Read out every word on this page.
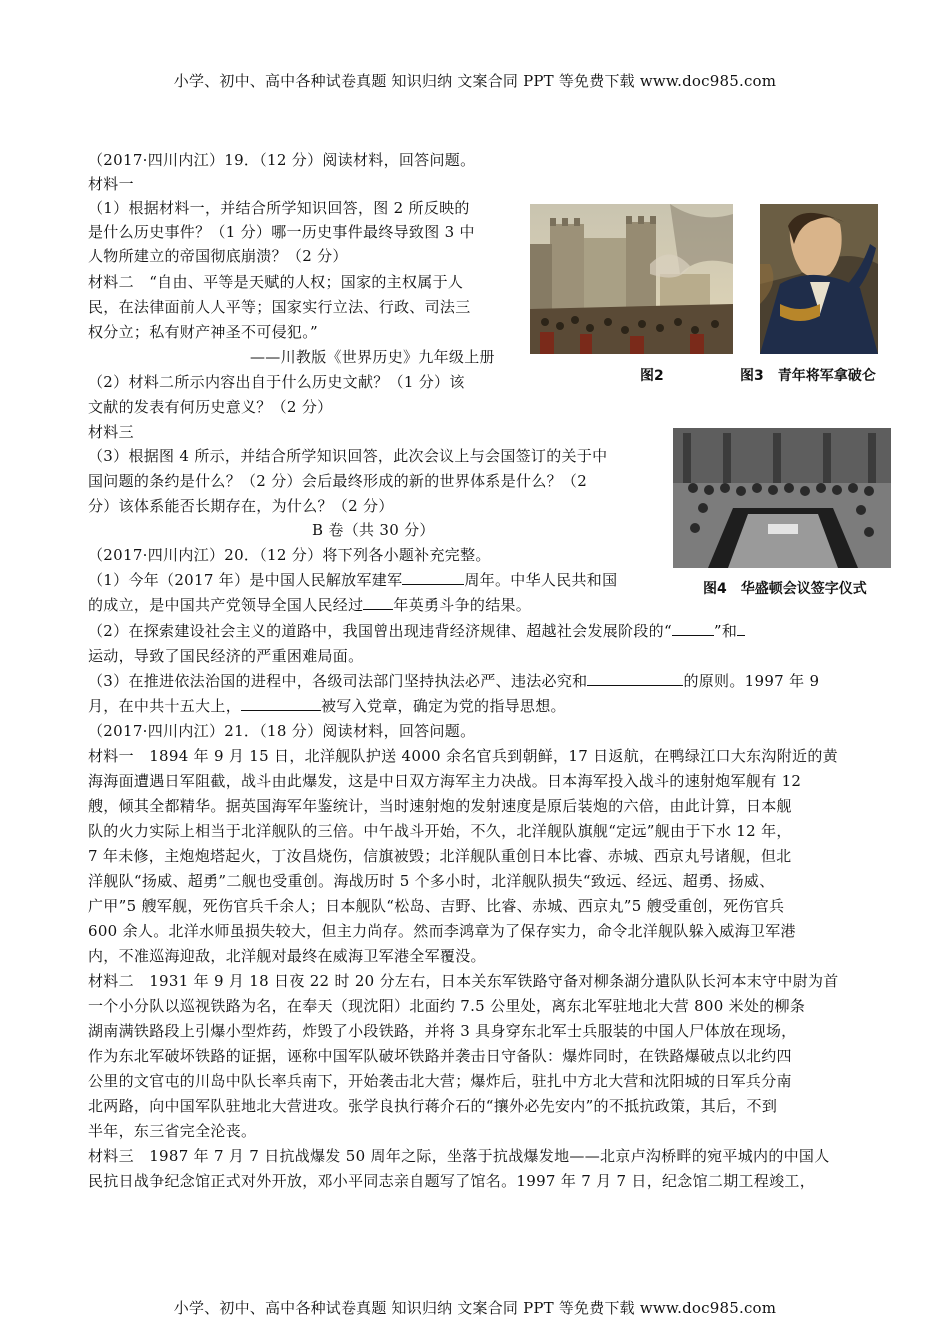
小学、初中、高中各种试卷真题 知识归纳 文案合同 PPT 等免费下载 www.doc985.com
（2017·四川内江）19．（12 分）阅读材料，回答问题。
材料一
（1）根据材料一，并结合所学知识回答，图 2 所反映的
是什么历史事件？（1 分）哪一历史事件最终导致图 3 中
人物所建立的帝国彻底崩溃？（2 分）
材料二　“自由、平等是天赋的人权；国家的主权属于人
民，在法律面前人人平等；国家实行立法、行政、司法三
权分立；私有财产神圣不可侵犯。”
——川教版《世界历史》九年级上册
（2）材料二所示内容出自于什么历史文献？（1 分）该
文献的发表有何历史意义？（2 分）
材料三
（3）根据图 4 所示，并结合所学知识回答，此次会议上与会国签订的关于中
国问题的条约是什么？（2 分）会后最终形成的新的世界体系是什么？（2
分）该体系能否长期存在，为什么？（2 分）
B 卷（共 30 分）
（2017·四川内江）20．（12 分）将下列各小题补充完整。
（1）今年（2017 年）是中国人民解放军建军	周年。中华人民共和国
的成立，是中国共产党领导全国人民经过 年英勇斗争的结果。
（2）在探索建设社会主义的道路中，我国曾出现违背经济规律、超越社会发展阶段的“	”和
运动，导致了国民经济的严重困难局面。
（3）在推进依法治国的进程中，各级司法部门坚持执法必严、违法必究和	的原则。1997 年 9
月，在中共十五大上，	被写入党章，确定为党的指导思想。
（2017·四川内江）21．（18 分）阅读材料，回答问题。
材料一　1894 年 9 月 15 日，北洋舰队护送 4000 余名官兵到朝鲜，17 日返航，在鸭绿江口大东沟附近的黄
海海面遭遇日军阻截，战斗由此爆发，这是中日双方海军主力决战。日本海军投入战斗的速射炮军舰有 12
艘，倾其全都精华。据英国海军年鉴统计，当时速射炮的发射速度是原后装炮的六倍，由此计算，日本舰
队的火力实际上相当于北洋舰队的三倍。中午战斗开始，不久，北洋舰队旗舰“定远”舰由于下水 12 年，
7 年未修，主炮炮塔起火，丁汝昌烧伤，信旗被毁；北洋舰队重创日本比睿、赤城、西京丸号诸舰，但北
洋舰队“扬威、超勇”二舰也受重创。海战历时 5 个多小时，北洋舰队损失“致远、经远、超勇、扬威、
广甲”5 艘军舰，死伤官兵千余人；日本舰队“松岛、吉野、比睿、赤城、西京丸”5 艘受重创，死伤官兵
600 余人。北洋水师虽损失较大，但主力尚存。然而李鸿章为了保存实力，命令北洋舰队躲入威海卫军港
内，不准巡海迎敌，北洋舰对最终在威海卫军港全军覆没。
材料二　1931 年 9 月 18 日夜 22 时 20 分左右，日本关东军铁路守备对柳条湖分遣队队长河本末守中尉为首
一个小分队以巡视铁路为名，在奉天（现沈阳）北面约 7.5 公里处，离东北军驻地北大营 800 米处的柳条
湖南满铁路段上引爆小型炸药，炸毁了小段铁路，并将 3 具身穿东北军士兵服装的中国人尸体放在现场，
作为东北军破坏铁路的证据，诬称中国军队破坏铁路并袭击日守备队：爆炸同时，在铁路爆破点以北约四
公里的文官屯的川岛中队长率兵南下，开始袭击北大营；爆炸后，驻扎中方北大营和沈阳城的日军兵分南
北两路，向中国军队驻地北大营进攻。张学良执行蒋介石的“攘外必先安内”的不抵抗政策，其后，不到
半年，东三省完全沦丧。
材料三　1987 年 7 月 7 日抗战爆发 50 周年之际，坐落于抗战爆发地——北京卢沟桥畔的宛平城内的中国人
民抗日战争纪念馆正式对外开放，邓小平同志亲自题写了馆名。1997 年 7 月 7 日，纪念馆二期工程竣工，
图2	图3　青年将军拿破仑
图4　华盛顿会议签字仪式
小学、初中、高中各种试卷真题 知识归纳 文案合同 PPT 等免费下载 www.doc985.com
